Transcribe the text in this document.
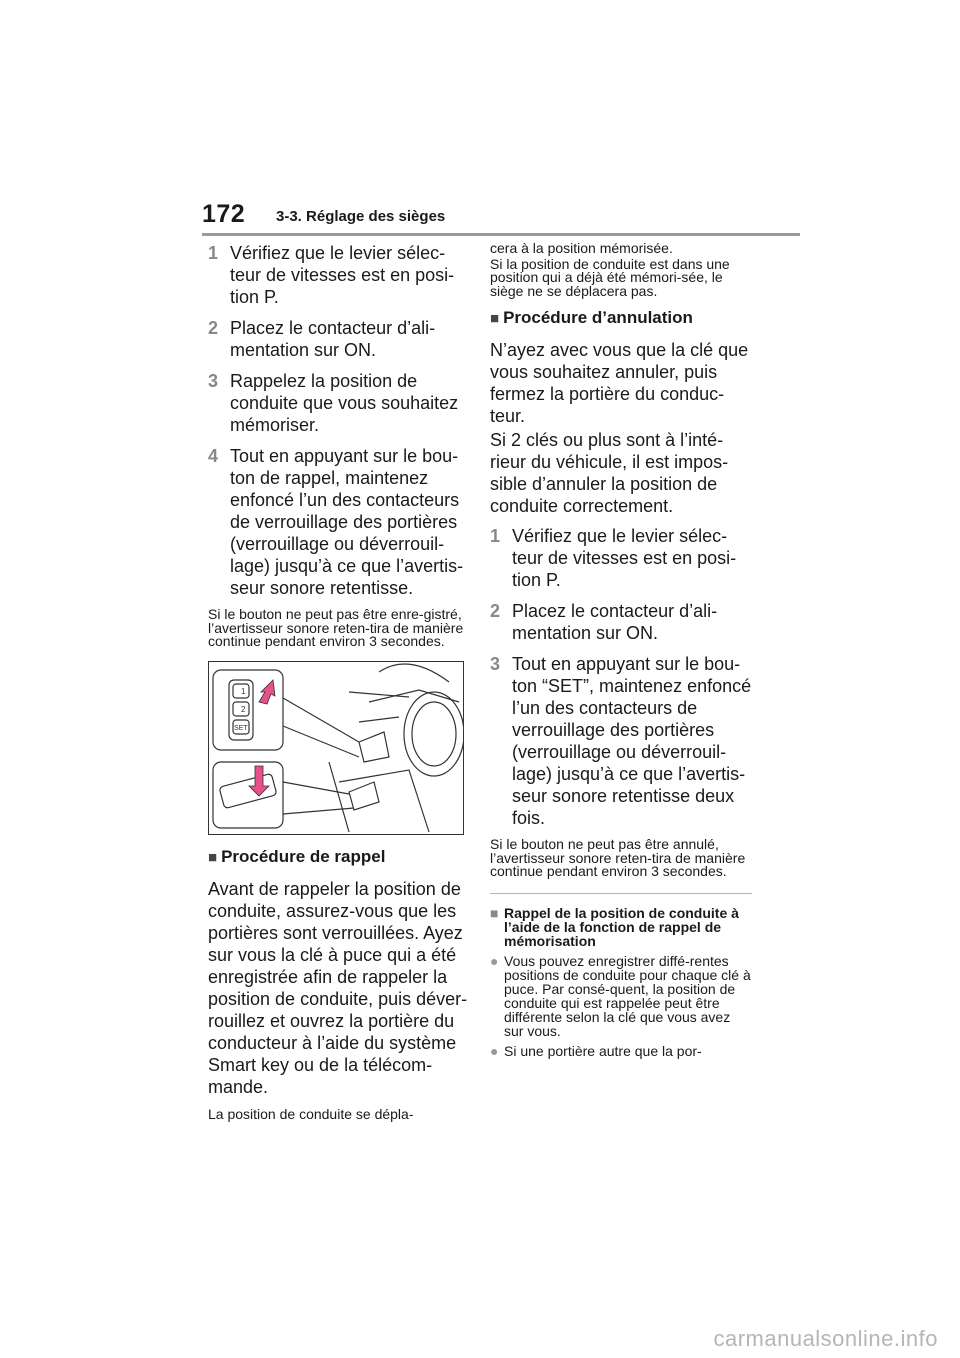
172 3-3. Réglage des sièges
1 Vérifiez que le levier sélec-teur de vitesses est en posi-tion P.
2 Placez le contacteur d’ali-mentation sur ON.
3 Rappelez la position de conduite que vous souhaitez mémoriser.
4 Tout en appuyant sur le bou-ton de rappel, maintenez enfoncé l’un des contacteurs de verrouillage des portières (verrouillage ou déverrouil-lage) jusqu’à ce que l’avertis-seur sonore retentisse.

Si le bouton ne peut pas être enre-gistré, l’avertisseur sonore reten-tira de manière continue pendant environ 3 secondes.

1
2
SET
■ Procédure de rappel

Avant de rappeler la position de conduite, assurez-vous que les portières sont verrouillées. Ayez sur vous la clé à puce qui a été enregistrée afin de rappeler la position de conduite, puis déver-rouillez et ouvrez la portière du conducteur à l’aide du système Smart key ou de la télécom-mande.

La position de conduite se dépla-

cera à la position mémorisée.

Si la position de conduite est dans une position qui a déjà été mémori-sée, le siège ne se déplacera pas.

■ Procédure d’annulation

N’ayez avec vous que la clé que vous souhaitez annuler, puis fermez la portière du conduc-teur.

Si 2 clés ou plus sont à l’inté-rieur du véhicule, il est impos-sible d’annuler la position de conduite correctement.

1 Vérifiez que le levier sélec-teur de vitesses est en posi-tion P.
2 Placez le contacteur d’ali-mentation sur ON.
3 Tout en appuyant sur le bou-ton “SET”, maintenez enfoncé l’un des contacteurs de verrouillage des portières (verrouillage ou déverrouil-lage) jusqu’à ce que l’avertis-seur sonore retentisse deux fois.

Si le bouton ne peut pas être annulé, l’avertisseur sonore reten-tira de manière continue pendant environ 3 secondes.

■ Rappel de la position de conduite à l’aide de la fonction de rappel de mémorisation
● Vous pouvez enregistrer diffé-rentes positions de conduite pour chaque clé à puce. Par consé-quent, la position de conduite qui est rappelée peut être différente selon la clé que vous avez sur vous.
● Si une portière autre que la por-
carmanualsonline.info
